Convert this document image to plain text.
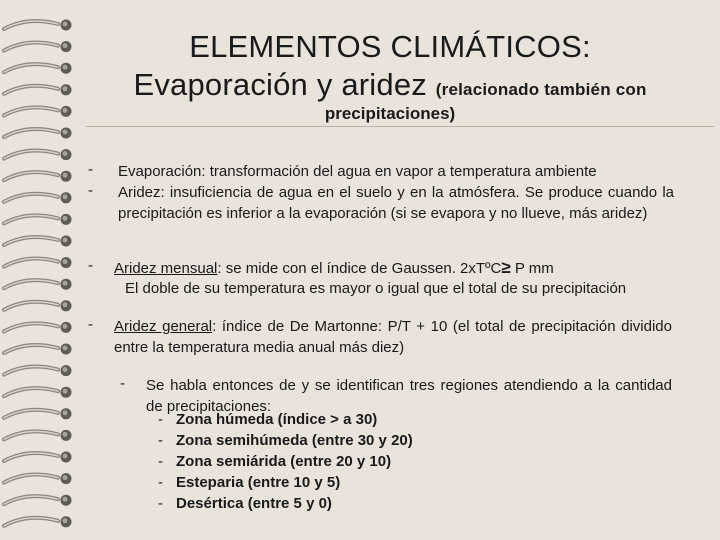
ELEMENTOS CLIMÁTICOS:
Evaporación y aridez (relacionado también con
precipitaciones)
- Evaporación: transformación del agua en vapor a temperatura ambiente
- Aridez: insuficiencia de agua en el suelo y en la atmósfera. Se produce cuando la precipitación es inferior a la evaporación (si se evapora y no llueve, más aridez)
- Aridez mensual: se mide con el índice de Gaussen. 2xTºC≥ P mm
El doble de su temperatura es mayor o igual que el total de su precipitación
- Aridez general: índice de De Martonne: P/T + 10 (el total de precipitación dividido entre la temperatura media anual más diez)
- Se habla entonces de y se identifican tres regiones atendiendo a la cantidad de precipitaciones:
- Zona húmeda (índice > a 30)
- Zona semihúmeda (entre 30 y 20)
- Zona semiárida (entre 20 y 10)
- Esteparia (entre 10 y 5)
- Desértica (entre 5 y 0)
